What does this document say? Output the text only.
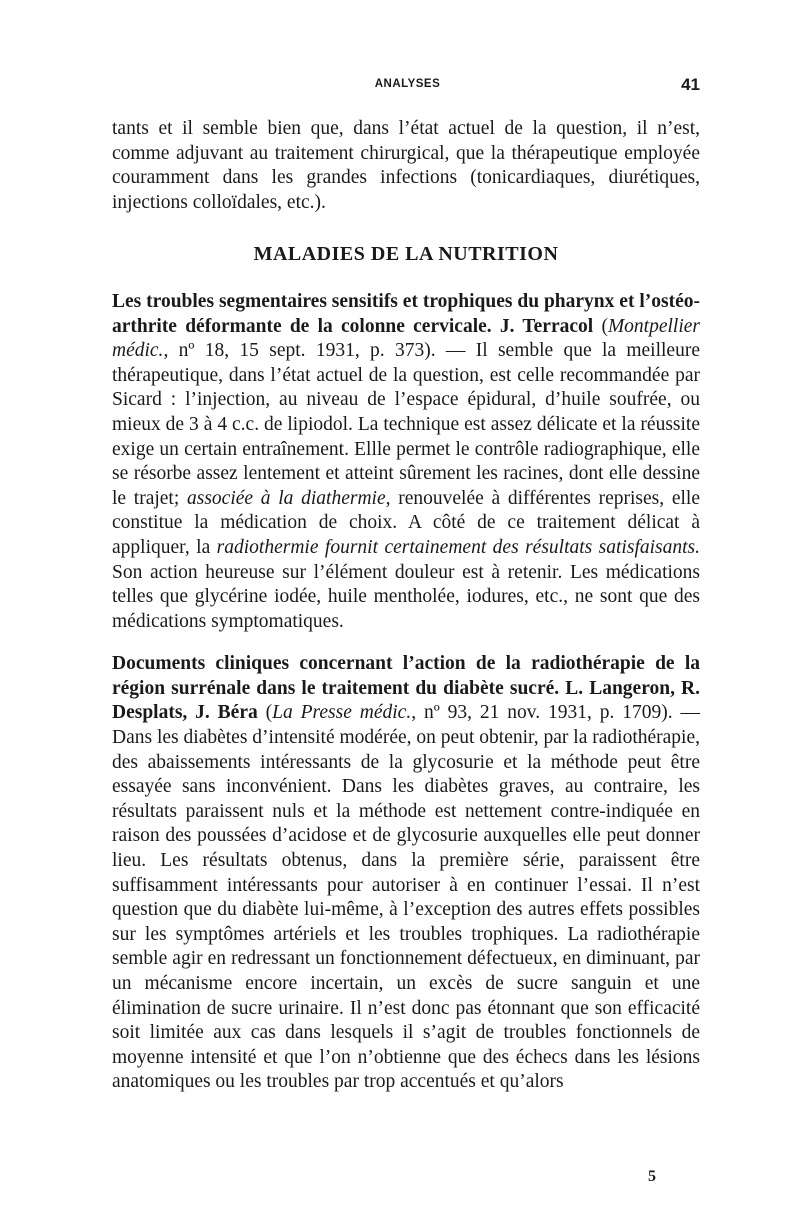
ANALYSES	41

tants et il semble bien que, dans l’état actuel de la question, il n’est, comme adjuvant au traitement chirurgical, que la thérapeutique employée couramment dans les grandes infections (tonicardiaques, diurétiques, injections colloïdales, etc.).

MALADIES DE LA NUTRITION

Les troubles segmentaires sensitifs et trophiques du pharynx et l’ostéo-arthrite déformante de la colonne cervicale. J. Terracol (Montpellier médic., nº 18, 15 sept. 1931, p. 373). — Il semble que la meilleure thérapeutique, dans l’état actuel de la question, est celle recommandée par Sicard : l’injection, au niveau de l’espace épidural, d’huile soufrée, ou mieux de 3 à 4 c.c. de lipiodol. La technique est assez délicate et la réussite exige un certain entraînement. Ellle permet le contrôle radiographique, elle se résorbe assez lentement et atteint sûrement les racines, dont elle dessine le trajet; associée à la diathermie, renouvelée à différentes reprises, elle constitue la médication de choix. A côté de ce traitement délicat à appliquer, la radiothermie fournit certainement des résultats satisfaisants. Son action heureuse sur l’élément douleur est à retenir. Les médications telles que glycérine iodée, huile mentholée, iodures, etc., ne sont que des médications symptomatiques.

Documents cliniques concernant l’action de la radiothérapie de la région surrénale dans le traitement du diabète sucré. L. Langeron, R. Desplats, J. Béra (La Presse médic., nº 93, 21 nov. 1931, p. 1709). — Dans les diabètes d’intensité modérée, on peut obtenir, par la radiothérapie, des abaissements intéressants de la glycosurie et la méthode peut être essayée sans inconvénient. Dans les diabètes graves, au contraire, les résultats paraissent nuls et la méthode est nettement contre-indiquée en raison des poussées d’acidose et de glycosurie auxquelles elle peut donner lieu. Les résultats obtenus, dans la première série, paraissent être suffisamment intéressants pour autoriser à en continuer l’essai. Il n’est question que du diabète lui-même, à l’exception des autres effets possibles sur les symptômes artériels et les troubles trophiques. La radiothérapie semble agir en redressant un fonctionnement défectueux, en diminuant, par un mécanisme encore incertain, un excès de sucre sanguin et une élimination de sucre urinaire. Il n’est donc pas étonnant que son efficacité soit limitée aux cas dans lesquels il s’agit de troubles fonctionnels de moyenne intensité et que l’on n’obtienne que des échecs dans les lésions anatomiques ou les troubles par trop accentués et qu’alors

5
